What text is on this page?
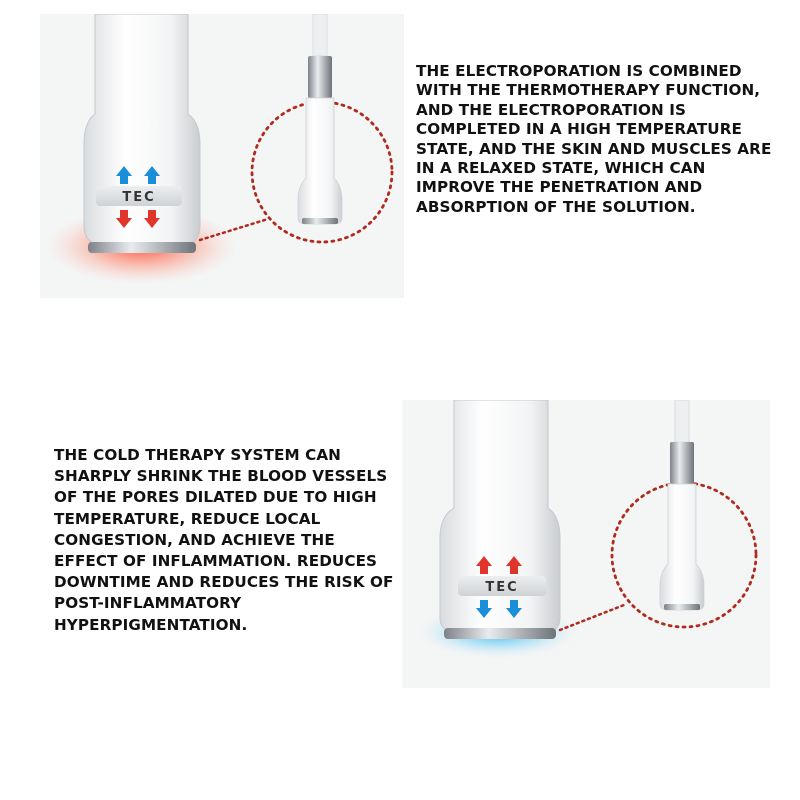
TEC

THE ELECTROPORATION IS COMBINED WITH THE THERMOTHERAPY FUNCTION, AND THE ELECTROPORATION IS COMPLETED IN A HIGH TEMPERATURE STATE, AND THE SKIN AND MUSCLES ARE IN A RELAXED STATE, WHICH CAN IMPROVE THE PENETRATION AND ABSORPTION OF THE SOLUTION.

TEC

THE COLD THERAPY SYSTEM CAN SHARPLY SHRINK THE BLOOD VESSELS OF THE PORES DILATED DUE TO HIGH TEMPERATURE, REDUCE LOCAL CONGESTION, AND ACHIEVE THE EFFECT OF INFLAMMATION. REDUCES DOWNTIME AND REDUCES THE RISK OF POST-INFLAMMATORY HYPERPIGMENTATION.
